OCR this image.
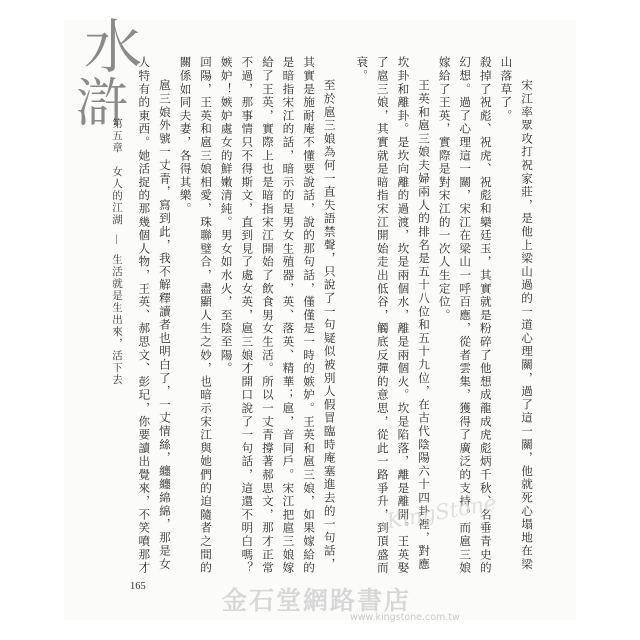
水
滸
第五章　女人的江湖 — 生活就是生出來，活下去	宋江率眾攻打祝家莊，是他上梁山過的一道心理關，過了這一關，他就死心塌地在梁山落草了。

殺掉了祝彪、祝虎、祝彪和欒廷玉，其實就是粉碎了他想成龍成虎彪炳千秋、名垂青史的幻想。過了心理這一關，宋江在梁山一呼百應，從者雲集，獲得了廣泛的支持。而扈三娘嫁給了王英，實際是對宋江的一次人生定位。

王英和扈三娘夫婦兩人的排名是五十八位和五十九位，在古代陰陽六十四卦裡，對應坎卦和離卦。是坎向離的過渡，坎是兩個水，離是兩個火。坎是陷落，離是離開。王英娶了扈三娘，其實就是暗指宋江開始走出低谷，觸底反彈的意思，從此一路爭升，到頂盛而衰。

至於扈三娘為何一直失語禁聲，只說了一句疑似被別人假冒臨時庵塞進去的一句話，其實是施耐庵不懂要說話，說的那句話，僅僅是一時的嫉妒。王英和扈三娘，如果嫁給的是暗指宋江的話，暗示的是男女生殖器，英、落英、精華；扈，音同戶。宋江把扈三娘嫁給了王英，實際上也是暗指宋江開始了飲食男女生活。所以一丈青撐著郝思文，那才正常不過，那事情只不得斯文，直到見了處女英，扈三娘才開口說了一句話，這還不明白嗎？嫉妒！嫉妒處女的鮮嫩清純。男女如水火，至陰至陽。

回陽，王英和扈三娘相愛，珠聯璧合，盡顯人生之妙，也暗示宋江與她們的迫隨者之間的關係如同夫妻，各得其樂。

扈三娘外號一丈青，寫到此，我不解釋讀者也明白了，一丈情絲，纏纏綿綿，那是女人特有的東西。她活捉的那幾個人物，王英、郝思文、彭玘，你要讀出覺來，不笑噴那才

165
KingStone
金石堂網路書店
www.kingstone.com.tw
